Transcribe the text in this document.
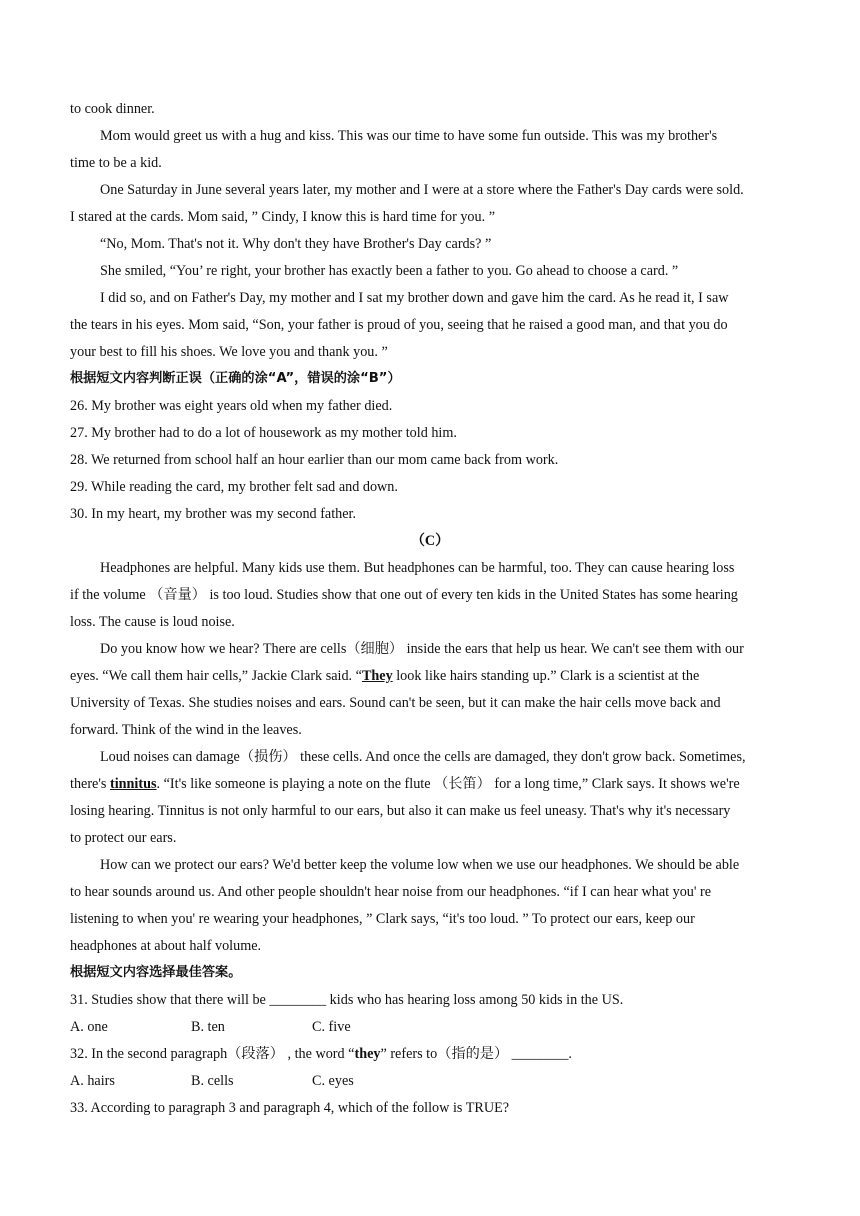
to cook dinner.
Mom would greet us with a hug and kiss. This was our time to have some fun outside. This was my brother's
time to be a kid.
One Saturday in June several years later, my mother and I were at a store where the Father's Day cards were sold.
I stared at the cards. Mom said, ” Cindy, I know this is hard time for you. ”
“No, Mom. That's not it. Why don't they have Brother's Day cards? ”
She smiled, “You’ re right, your brother has exactly been a father to you. Go ahead to choose a card. ”
I did so, and on Father's Day, my mother and I sat my brother down and gave him the card. As he read it, I saw
the tears in his eyes. Mom said, “Son, your father is proud of you, seeing that he raised a good man, and that you do
your best to fill his shoes. We love you and thank you. ”
根据短文内容判断正误（正确的涂“A”，错误的涂“B”）
26. My brother was eight years old when my father died.
27. My brother had to do a lot of housework as my mother told him.
28. We returned from school half an hour earlier than our mom came back from work.
29. While reading the card, my brother felt sad and down.
30. In my heart, my brother was my second father.
（C）
Headphones are helpful. Many kids use them. But headphones can be harmful, too. They can cause hearing loss
if the volume （音量） is too loud. Studies show that one out of every ten kids in the United States has some hearing
loss. The cause is loud noise.
Do you know how we hear? There are cells（细胞） inside the ears that help us hear. We can't see them with our
eyes. “We call them hair cells,” Jackie Clark said. “They look like hairs standing up.” Clark is a scientist at the
University of Texas. She studies noises and ears. Sound can't be seen, but it can make the hair cells move back and
forward. Think of the wind in the leaves.
Loud noises can damage（损伤） these cells. And once the cells are damaged, they don't grow back. Sometimes,
there's tinnitus. “It's like someone is playing a note on the flute （长笛） for a long time,” Clark says. It shows we're
losing hearing. Tinnitus is not only harmful to our ears, but also it can make us feel uneasy. That's why it's necessary
to protect our ears.
How can we protect our ears? We'd better keep the volume low when we use our headphones. We should be able
to hear sounds around us. And other people shouldn't hear noise from our headphones. “if I can hear what you' re
listening to when you' re wearing your headphones, ” Clark says, “it's too loud. ” To protect our ears, keep our
headphones at about half volume.
根据短文内容选择最佳答案。
31. Studies show that there will be ________ kids who has hearing loss among 50 kids in the US.
A. one	B. ten	C. five
32. In the second paragraph（段落） , the word “they” refers to（指的是） ________.
A. hairs	B. cells	C. eyes
33. According to paragraph 3 and paragraph 4, which of the follow is TRUE?
